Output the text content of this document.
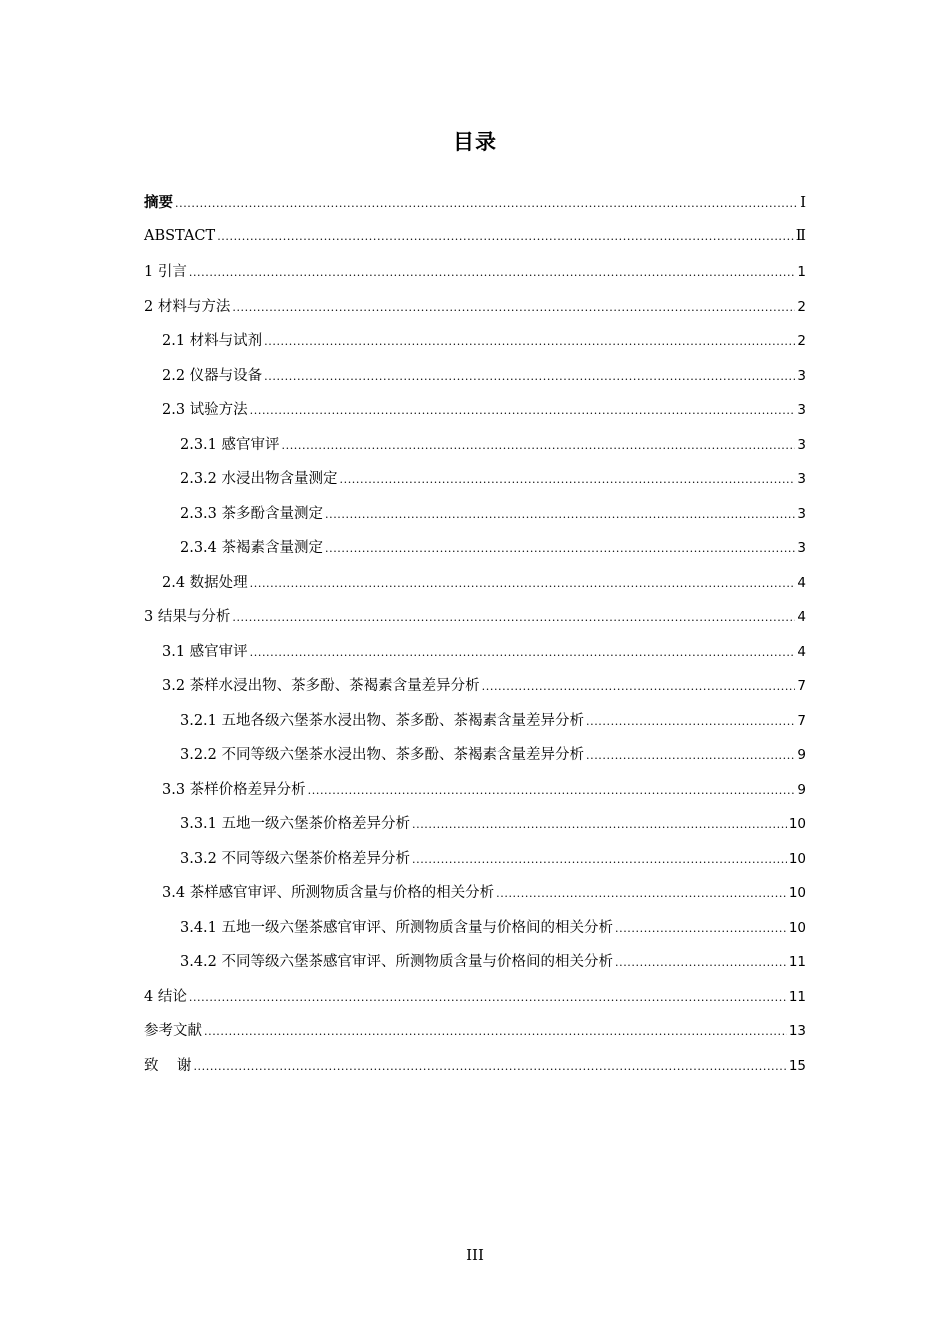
目录
摘要 .....	Ⅰ
ABSTACT .....	Ⅱ
1 引言 .....	1
2 材料与方法 .....	2
2.1 材料与试剂 .....	2
2.2 仪器与设备 .....	3
2.3 试验方法 .....	3
2.3.1 感官审评 .....	3
2.3.2 水浸出物含量测定 .....	3
2.3.3 茶多酚含量测定 .....	3
2.3.4 茶褐素含量测定 .....	3
2.4 数据处理 .....	4
3 结果与分析 .....	4
3.1 感官审评 .....	4
3.2 茶样水浸出物、茶多酚、茶褐素含量差异分析 .....	7
3.2.1 五地各级六堡茶水浸出物、茶多酚、茶褐素含量差异分析 .....	7
3.2.2 不同等级六堡茶水浸出物、茶多酚、茶褐素含量差异分析 .....	9
3.3 茶样价格差异分析 .....	9
3.3.1 五地一级六堡茶价格差异分析 .....	10
3.3.2 不同等级六堡茶价格差异分析 .....	10
3.4 茶样感官审评、所测物质含量与价格的相关分析 .....	10
3.4.1 五地一级六堡茶感官审评、所测物质含量与价格间的相关分析 .....	10
3.4.2 不同等级六堡茶感官审评、所测物质含量与价格间的相关分析 .....	11
4 结论 .....	11
参考文献 .....	13
致    谢 .....	15
III
